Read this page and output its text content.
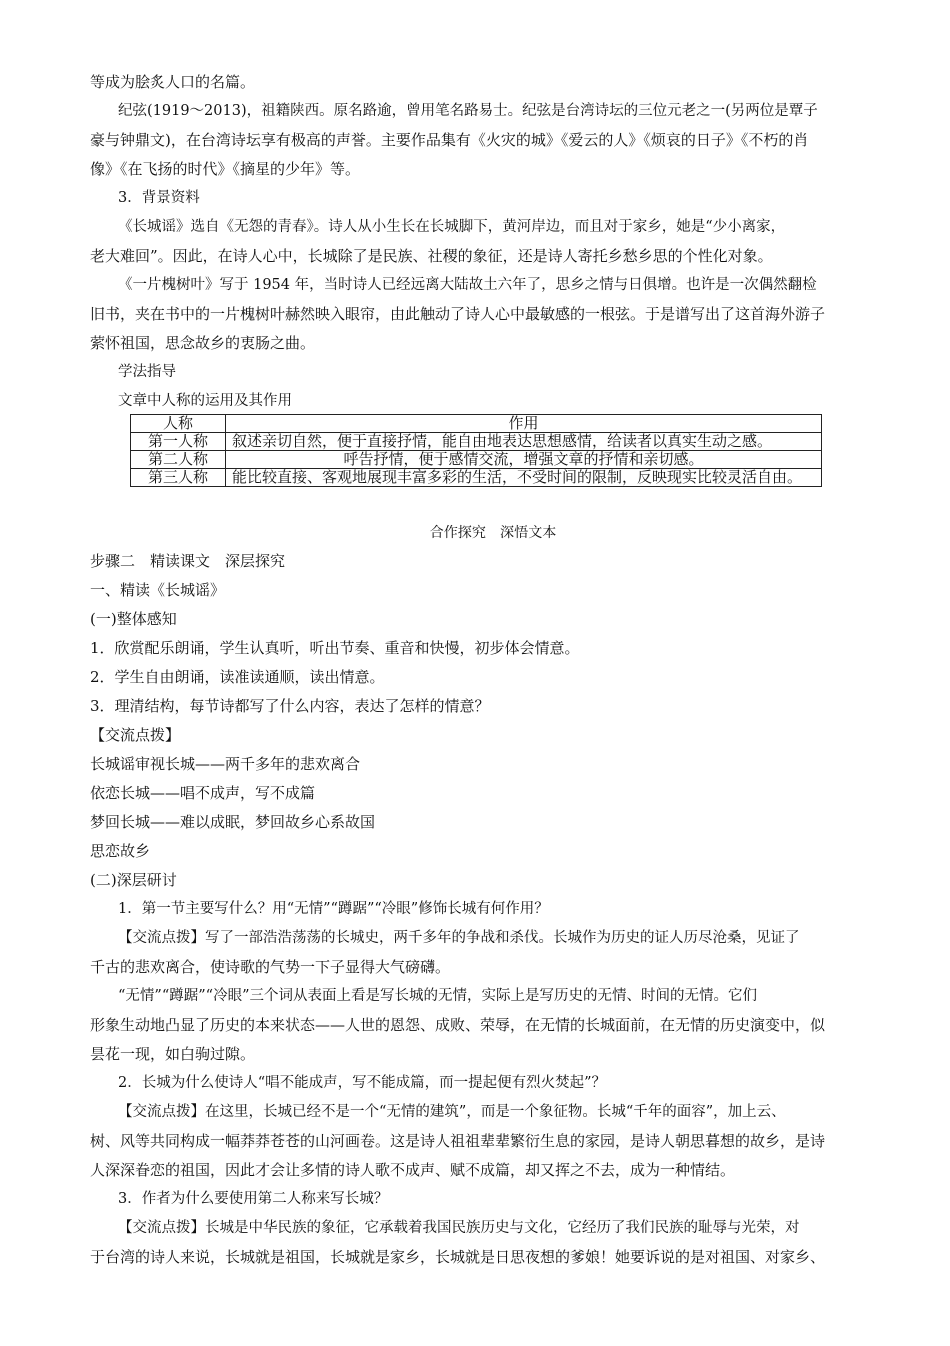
等成为脍炙人口的名篇。
纪弦(1919～2013)，祖籍陕西。原名路逾，曾用笔名路易士。纪弦是台湾诗坛的三位元老之一(另两位是覃子
豪与钟鼎文)，在台湾诗坛享有极高的声誉。主要作品集有《火灾的城》《爱云的人》《烦哀的日子》《不朽的肖
像》《在飞扬的时代》《摘星的少年》等。
3．背景资料
《长城谣》选自《无怨的青春》。诗人从小生长在长城脚下，黄河岸边，而且对于家乡，她是“少小离家，
老大难回”。因此，在诗人心中，长城除了是民族、社稷的象征，还是诗人寄托乡愁乡思的个性化对象。
《一片槐树叶》写于 1954 年，当时诗人已经远离大陆故土六年了，思乡之情与日俱增。也许是一次偶然翻检
旧书，夹在书中的一片槐树叶赫然映入眼帘，由此触动了诗人心中最敏感的一根弦。于是谱写出了这首海外游子
萦怀祖国，思念故乡的衷肠之曲。
学法指导
文章中人称的运用及其作用
人称	作用
第一人称	叙述亲切自然，便于直接抒情，能自由地表达思想感情，给读者以真实生动之感。
第二人称	呼告抒情，便于感情交流，增强文章的抒情和亲切感。
第三人称	能比较直接、客观地展现丰富多彩的生活，不受时间的限制，反映现实比较灵活自由。
合作探究　深悟文本
步骤二　精读课文　深层探究
一、精读《长城谣》
(一)整体感知
1．欣赏配乐朗诵，学生认真听，听出节奏、重音和快慢，初步体会情意。
2．学生自由朗诵，读准读通顺，读出情意。
3．理清结构，每节诗都写了什么内容，表达了怎样的情意？
【交流点拨】
长城谣审视长城——两千多年的悲欢离合
依恋长城——唱不成声，写不成篇
梦回长城——难以成眠，梦回故乡心系故国
思恋故乡
(二)深层研讨
1．第一节主要写什么？用“无情”“蹲踞”“冷眼”修饰长城有何作用？
【交流点拨】写了一部浩浩荡荡的长城史，两千多年的争战和杀伐。长城作为历史的证人历尽沧桑，见证了
千古的悲欢离合，使诗歌的气势一下子显得大气磅礴。
“无情”“蹲踞”“冷眼”三个词从表面上看是写长城的无情，实际上是写历史的无情、时间的无情。它们
形象生动地凸显了历史的本来状态——人世的恩怨、成败、荣辱，在无情的长城面前，在无情的历史演变中，似
昙花一现，如白驹过隙。
2．长城为什么使诗人“唱不能成声，写不能成篇，而一提起便有烈火焚起”？
【交流点拨】在这里，长城已经不是一个“无情的建筑”，而是一个象征物。长城“千年的面容”，加上云、
树、风等共同构成一幅莽莽苍苍的山河画卷。这是诗人祖祖辈辈繁衍生息的家园，是诗人朝思暮想的故乡，是诗
人深深眷恋的祖国，因此才会让多情的诗人歌不成声、赋不成篇，却又挥之不去，成为一种情结。
3．作者为什么要使用第二人称来写长城？
【交流点拨】长城是中华民族的象征，它承载着我国民族历史与文化，它经历了我们民族的耻辱与光荣，对
于台湾的诗人来说，长城就是祖国，长城就是家乡，长城就是日思夜想的爹娘！她要诉说的是对祖国、对家乡、
